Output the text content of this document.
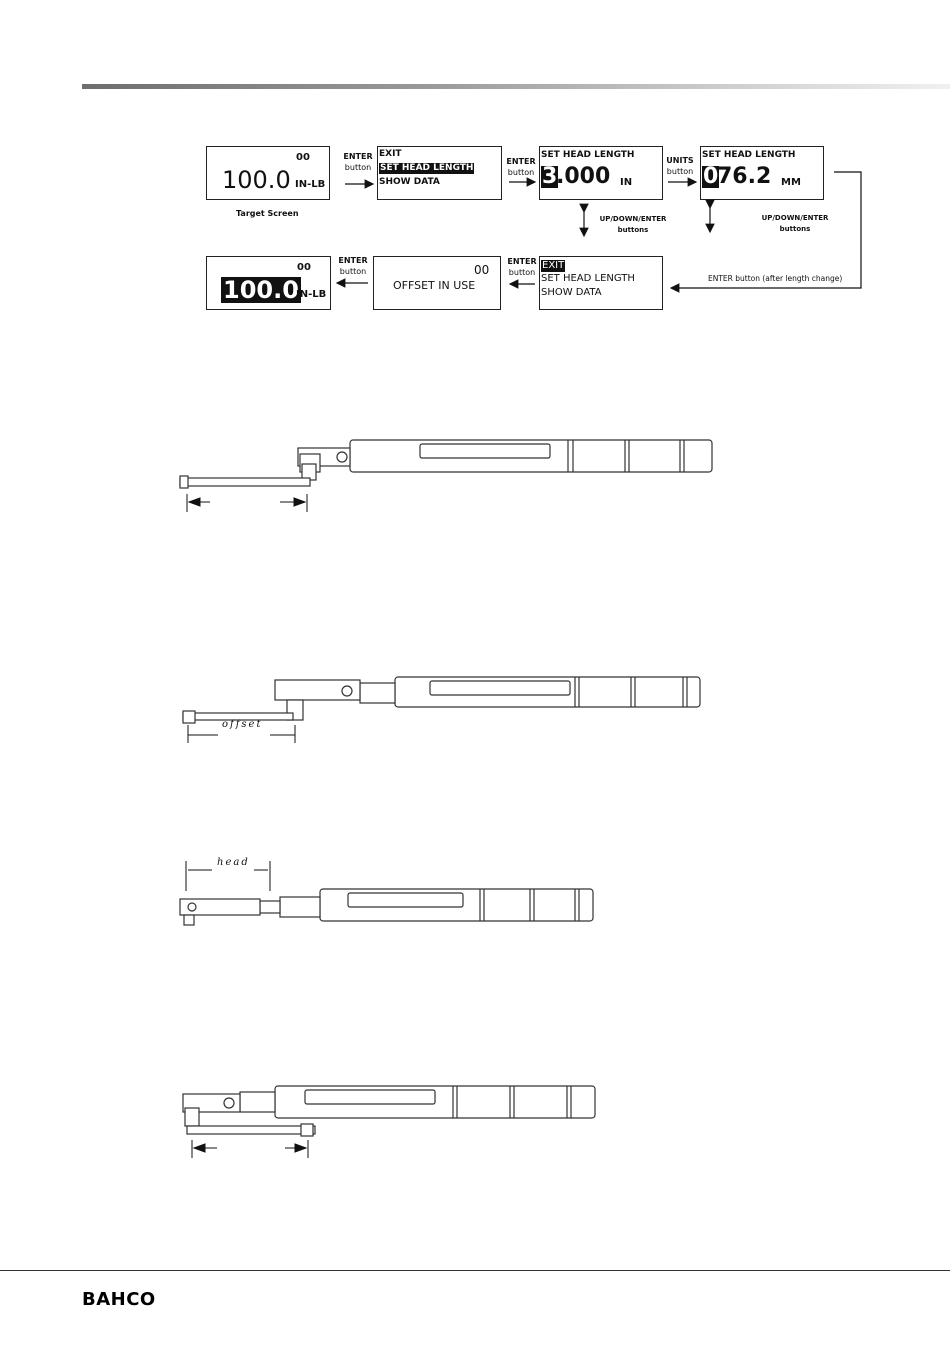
00
100.0 IN-LB
Target Screen
EXIT
SET HEAD LENGTH
SHOW DATA
SET HEAD LENGTH
3
.000 IN
SET HEAD LENGTH
0
76.2 MM
00
100.0
IN-LB
00
OFFSET IN USE
EXIT
SET HEAD LENGTH
SHOW DATA
ENTER
button
ENTER
button
UNITS
button
UP/DOWN/ENTER
buttons
UP/DOWN/ENTER
buttons
ENTER button (after length change)
ENTER
button
ENTER
button
offset
head
BAHCO
